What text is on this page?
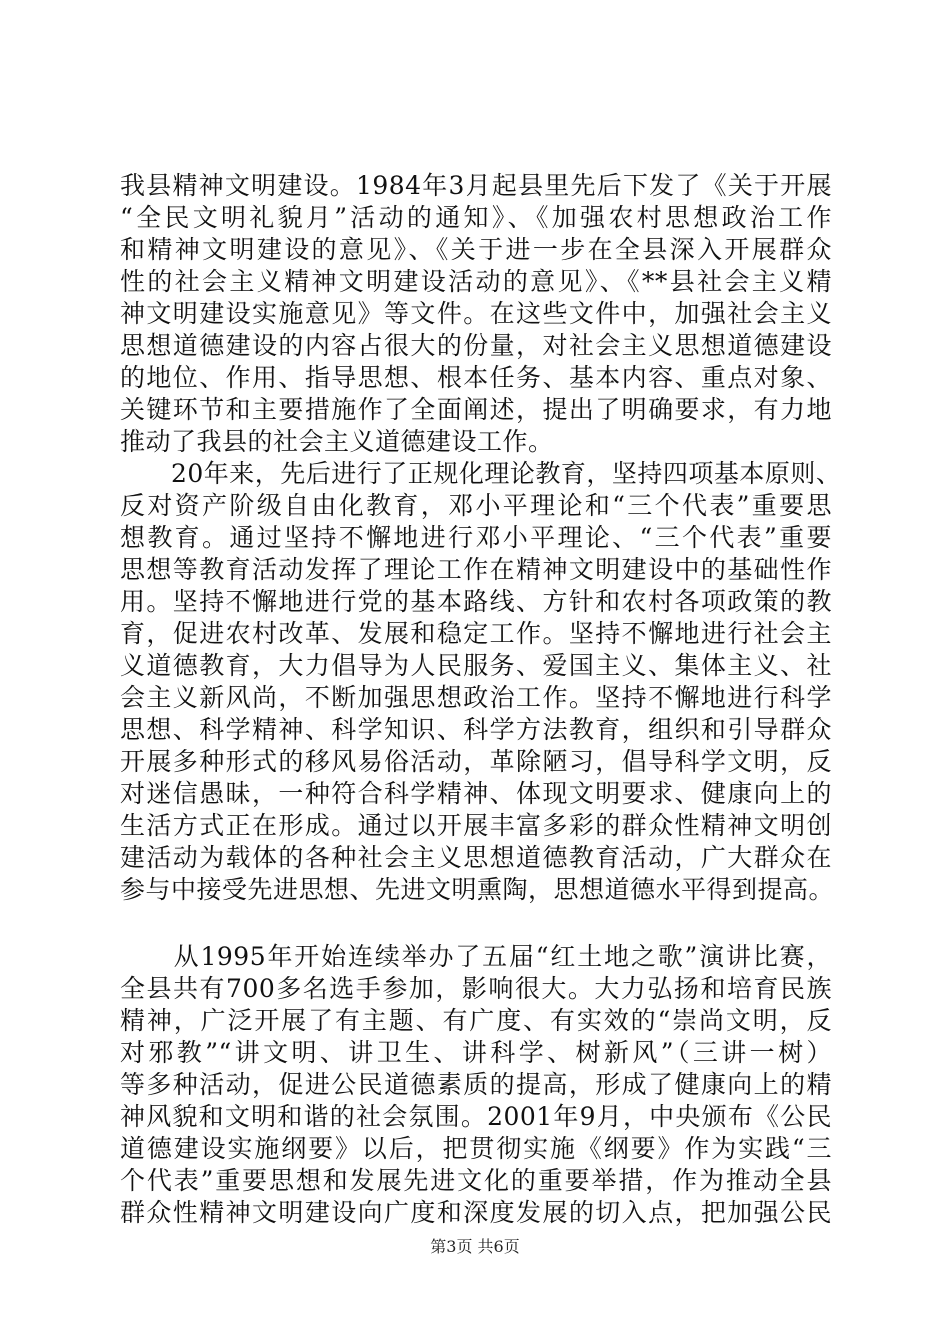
我县精神文明建设。1984年3月起县里先后下发了《关于开展
“全民文明礼貌月”活动的通知》、《加强农村思想政治工作
和精神文明建设的意见》、《关于进一步在全县深入开展群众
性的社会主义精神文明建设活动的意见》、《**县社会主义精
神文明建设实施意见》等文件。在这些文件中，加强社会主义
思想道德建设的内容占很大的份量，对社会主义思想道德建设
的地位、作用、指导思想、根本任务、基本内容、重点对象、
关键环节和主要措施作了全面阐述，提出了明确要求，有力地
推动了我县的社会主义道德建设工作。
　　20年来，先后进行了正规化理论教育，坚持四项基本原则、
反对资产阶级自由化教育，邓小平理论和“三个代表”重要思
想教育。通过坚持不懈地进行邓小平理论、“三个代表”重要
思想等教育活动发挥了理论工作在精神文明建设中的基础性作
用。坚持不懈地进行党的基本路线、方针和农村各项政策的教
育，促进农村改革、发展和稳定工作。坚持不懈地进行社会主
义道德教育，大力倡导为人民服务、爱国主义、集体主义、社
会主义新风尚，不断加强思想政治工作。坚持不懈地进行科学
思想、科学精神、科学知识、科学方法教育，组织和引导群众
开展多种形式的移风易俗活动，革除陋习，倡导科学文明，反
对迷信愚昧，一种符合科学精神、体现文明要求、健康向上的
生活方式正在形成。通过以开展丰富多彩的群众性精神文明创
建活动为载体的各种社会主义思想道德教育活动，广大群众在
参与中接受先进思想、先进文明熏陶，思想道德水平得到提高。
　　从1995年开始连续举办了五届“红土地之歌”演讲比赛，
全县共有700多名选手参加，影响很大。大力弘扬和培育民族
精神，广泛开展了有主题、有广度、有实效的“崇尚文明，反
对邪教”“讲文明、讲卫生、讲科学、树新风”（三讲一树）
等多种活动，促进公民道德素质的提高，形成了健康向上的精
神风貌和文明和谐的社会氛围。2001年9月，中央颁布《公民
道德建设实施纲要》以后，把贯彻实施《纲要》作为实践“三
个代表”重要思想和发展先进文化的重要举措，作为推动全县
群众性精神文明建设向广度和深度发展的切入点，把加强公民
第3页 共6页
